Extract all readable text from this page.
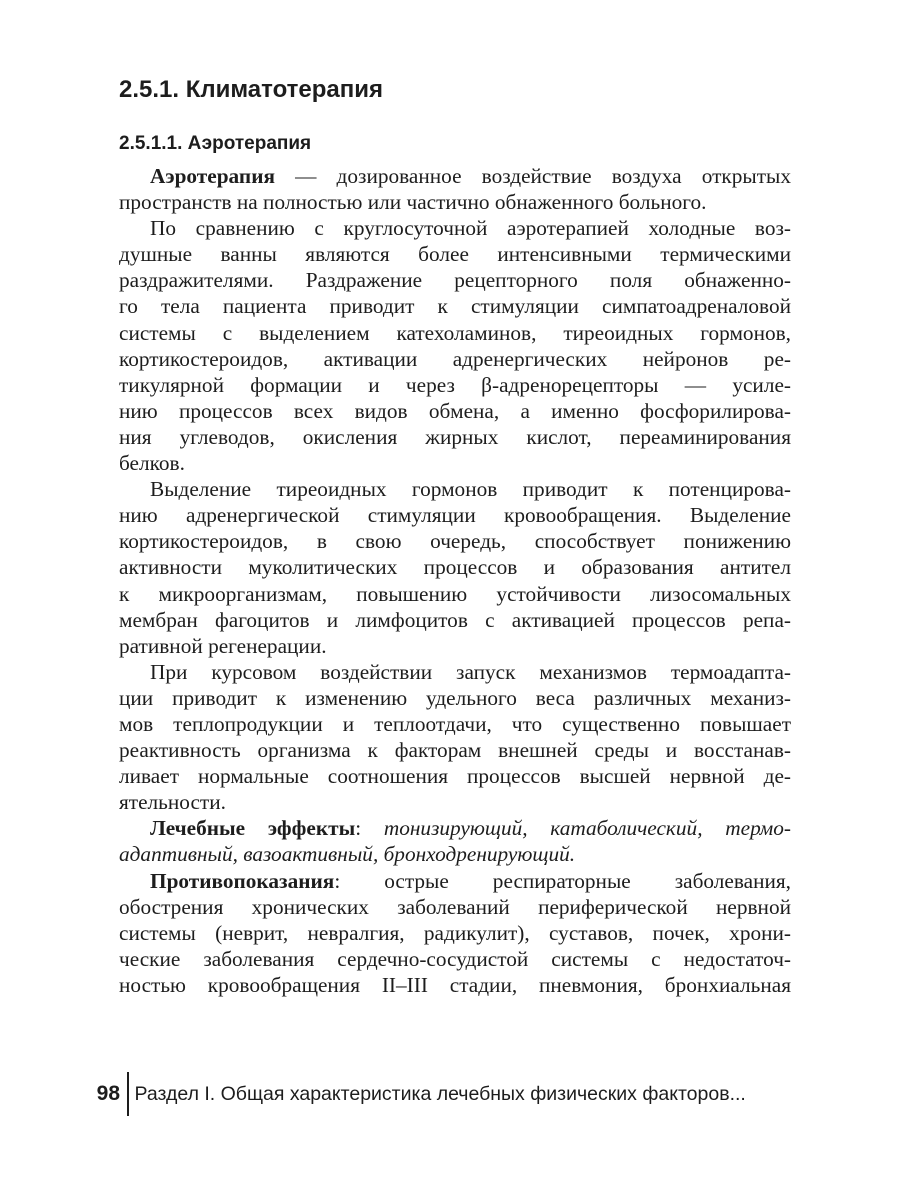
2.5.1. Климатотерапия
2.5.1.1. Аэротерапия

Аэротерапия — дозированное воздействие воздуха открытых
пространств на полностью или частично обнаженного больного.

По сравнению с круглосуточной аэротерапией холодные воз-
душные ванны являются более интенсивными термическими
раздражителями. Раздражение рецепторного поля обнаженно-
го тела пациента приводит к стимуляции симпатоадреналовой
системы с выделением катехоламинов, тиреоидных гормонов,
кортикостероидов, активации адренергических нейронов ре-
тикулярной формации и через β-адренорецепторы — усиле-
нию процессов всех видов обмена, а именно фосфорилирова-
ния углеводов, окисления жирных кислот, переаминирования
белков.

Выделение тиреоидных гормонов приводит к потенцирова-
нию адренергической стимуляции кровообращения. Выделение
кортикостероидов, в свою очередь, способствует понижению
активности муколитических процессов и образования антител
к микроорганизмам, повышению устойчивости лизосомальных
мембран фагоцитов и лимфоцитов с активацией процессов репа-
ративной регенерации.

При курсовом воздействии запуск механизмов термоадапта-
ции приводит к изменению удельного веса различных механиз-
мов теплопродукции и теплоотдачи, что существенно повышает
реактивность организма к факторам внешней среды и восстанав-
ливает нормальные соотношения процессов высшей нервной де-
ятельности.

Лечебные эффекты: тонизирующий, катаболический, термо-
адаптивный, вазоактивный, бронходренирующий.

Противопоказания: острые респираторные заболевания,
обострения хронических заболеваний периферической нервной
системы (неврит, невралгия, радикулит), суставов, почек, хрони-
ческие заболевания сердечно-сосудистой системы с недостаточ-
ностью кровообращения II–III стадии, пневмония, бронхиальная

98 Раздел I. Общая характеристика лечебных физических факторов...
